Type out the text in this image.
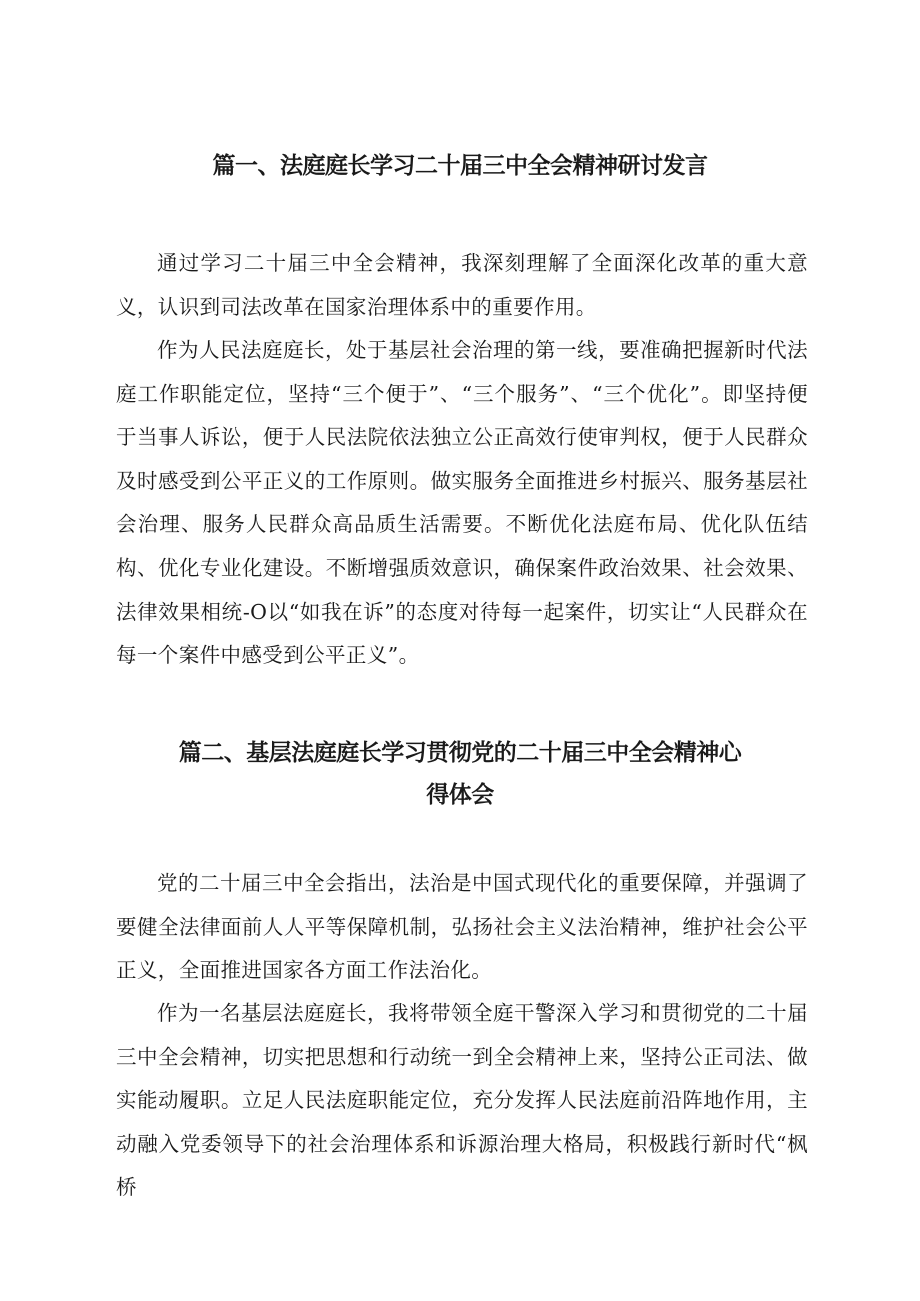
篇一、法庭庭长学习二十届三中全会精神研讨发言

通过学习二十届三中全会精神，我深刻理解了全面深化改革的重大意义，认识到司法改革在国家治理体系中的重要作用。

作为人民法庭庭长，处于基层社会治理的第一线，要准确把握新时代法庭工作职能定位，坚持“三个便于”、“三个服务”、“三个优化”。即坚持便于当事人诉讼，便于人民法院依法独立公正高效行使审判权，便于人民群众及时感受到公平正义的工作原则。做实服务全面推进乡村振兴、服务基层社会治理、服务人民群众高品质生活需要。不断优化法庭布局、优化队伍结构、优化专业化建设。不断增强质效意识，确保案件政治效果、社会效果、法律效果相统-O以“如我在诉”的态度对待每一起案件，切实让“人民群众在每一个案件中感受到公平正义”。

篇二、基层法庭庭长学习贯彻党的二十届三中全会精神心
得体会

党的二十届三中全会指出，法治是中国式现代化的重要保障，并强调了要健全法律面前人人平等保障机制，弘扬社会主义法治精神，维护社会公平正义，全面推进国家各方面工作法治化。

作为一名基层法庭庭长，我将带领全庭干警深入学习和贯彻党的二十届三中全会精神，切实把思想和行动统一到全会精神上来，坚持公正司法、做实能动履职。立足人民法庭职能定位，充分发挥人民法庭前沿阵地作用，主动融入党委领导下的社会治理体系和诉源治理大格局，积极践行新时代“枫桥
